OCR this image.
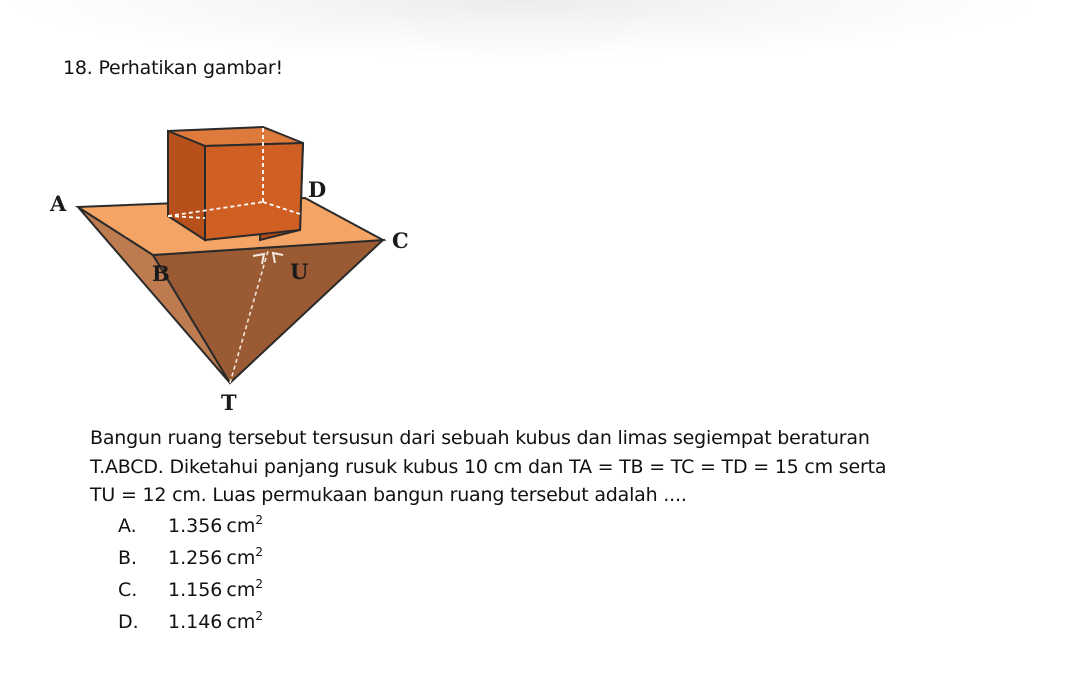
18. Perhatikan gambar!
A
D
C
B	U
T
Bangun ruang tersebut tersusun dari sebuah kubus dan limas segiempat beraturan
T.ABCD. Diketahui panjang rusuk kubus 10 cm dan TA = TB = TC = TD = 15 cm serta
TU = 12 cm. Luas permukaan bangun ruang tersebut adalah ....
A. 1.356 $cm^2$
B. 1.256 $cm^2$
C. 1.156 $cm^2$
D. 1.146 $cm^2$
